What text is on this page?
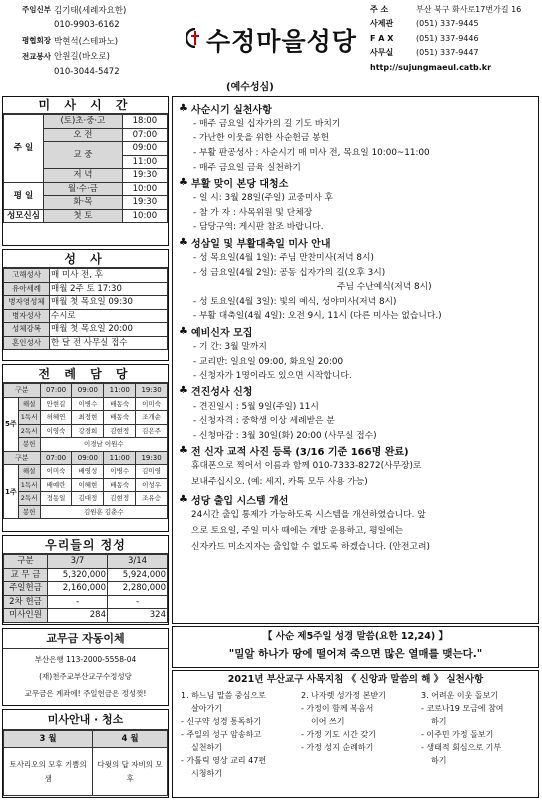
주임신부 김기태(세례자요한)
010-9903-6162
평협회장 박현석(스테파노)
전교봉사 안원길(바오로)
010-3044-5472
수정마을성당
(예수성심)
주 소	부산 북구 화사로17번가길 16
사제관	(051) 337-9445
F A X	(051) 337-9446
사무실	(051) 337-9447
http://sujungmaeul.catb.kr
미 사 시 간
주 일	(토)초·중·고	18:00
	오 전	07:00
	교 중	09:00
		11:00
	저 녁	19:30
평 일	월·수·금	10:00
	화·목	19:30
성모신심	첫 토	10:00
성 사
고해성사	매 미사 전, 후
유아세례	매월 2주 토 17:30
병자영성체	매월 첫 목요일 09:30
병자성사	수시로
성체강복	매월 첫 목요일 20:00
혼인성사	한 달 전 사무실 접수
전 례 담 당
구분		07:00	09:00	11:00	19:30
5주	해설	안현길	이병수	배동숙	이미숙
	1독서	허혜연	최정현	배동숙	조개순
	2독서	이영숙	강경희	김현정	김은주
	봉헌	이경남 이원수			
구분		07:00	09:00	11:00	19:30
1주	해설	이미숙	배영성	이병수	김미영
	1독서	배예란	이혜현	배동숙	이성우
	2독서	정동일	김대정	김현정	조유승
	봉헌	김원훈 김춘수			
우리들의 정성
구분	3/7	3/14
교 무 금	5,320,000	5,924,000
주일헌금	2,160,000	2,280,000
2차 헌금	-	-
미사인원	284	324
교무금 자동이체
부산은행 113-2000-5558-04
(재)천주교부산교구수정성당
교무금은 계좌에! 주일헌금은 정성껏!
미사안내 · 청소
3 월	4 월
토사리오의 모후 기쁨의 샘	다윗의 답 자비의 모후
♣ 사순시기 실천사항
- 매주 금요일 십자가의 길 기도 바치기
- 가난한 이웃을 위한 사순헌금 봉헌
- 부활 판공성사 : 사순시기 매 미사 전, 목요일 10:00~11:00
- 매주 금요일 금육 실천하기
♣ 부활 맞이 본당 대청소
- 일 시: 3월 28일(주일) 교중미사 후
- 참 가 자 : 사목위원 및 단체장
- 담당구역: 게시판 참조 바랍니다.
♣ 성삼일 및 부활대축일 미사 안내
- 성 목요일(4월 1일): 주님 만찬미사(저녁 8시)
- 성 금요일(4월 2일): 공동 십자가의 길(오후 3시)
주님 수난예식(저녁 8시)
- 성 토요일(4월 3일): 빛의 예식, 성야미사(저녁 8시)
- 부활 대축일(4월 4일): 오전 9시, 11시 (다른 미사는 없습니다.)
♣ 예비신자 모집
- 기 간: 3월 말까지
- 교리반: 일요일 09:00, 화요일 20:00
- 신청자가 1명이라도 있으면 시작합니다.
♣ 견진성사 신청
- 견진일시 : 5월 9일(주일) 11시
- 신청자격 : 중학생 이상 세례받은 분
- 신청마감 : 3월 30일(화) 20:00 (사무실 접수)
♣ 전 신자 교적 사진 등록 (3/16 기준 166명 완료)
휴대폰으로 찍어서 이름과 함께 010-7333-8272(사무장)로
보내주십시오. (예: 세지, 카톡 모두 사용 가능)
♣ 성당 출입 시스템 개선
24시간 출입 통제가 가능하도록 시스템을 개선하였습니다. 앞
으로 토요일, 주일 미사 때에는 개방 운용하고, 평일에는
신자카드 미소지자는 출입할 수 없도록 하겠습니다. (안전고려)
【 사순 제5주일 성경 말씀(요한 12,24) 】
"밀알 하나가 땅에 떨어져 죽으면 많은 열매를 맺는다."
2021년 부산교구 사목지침 《 신앙과 말씀의 해 》 실천사항
1. 하느님 말씀 중심으로
살아가기
- 신구약 성경 통독하기
- 주일의 성구 암송하고
실천하기
- 가톨릭 영상 교리 47편
시청하기
2. 나자렛 성가정 본받기
- 가정이 함께 복음서
이어 쓰기
- 가정 기도 시간 갖기
- 가정 성지 순례하기
3. 어려운 이웃 돌보기
- 코로나19 모금에 참여
하기
- 이주민 가정 돌보기
- 생태적 회심으로 기부
하기
